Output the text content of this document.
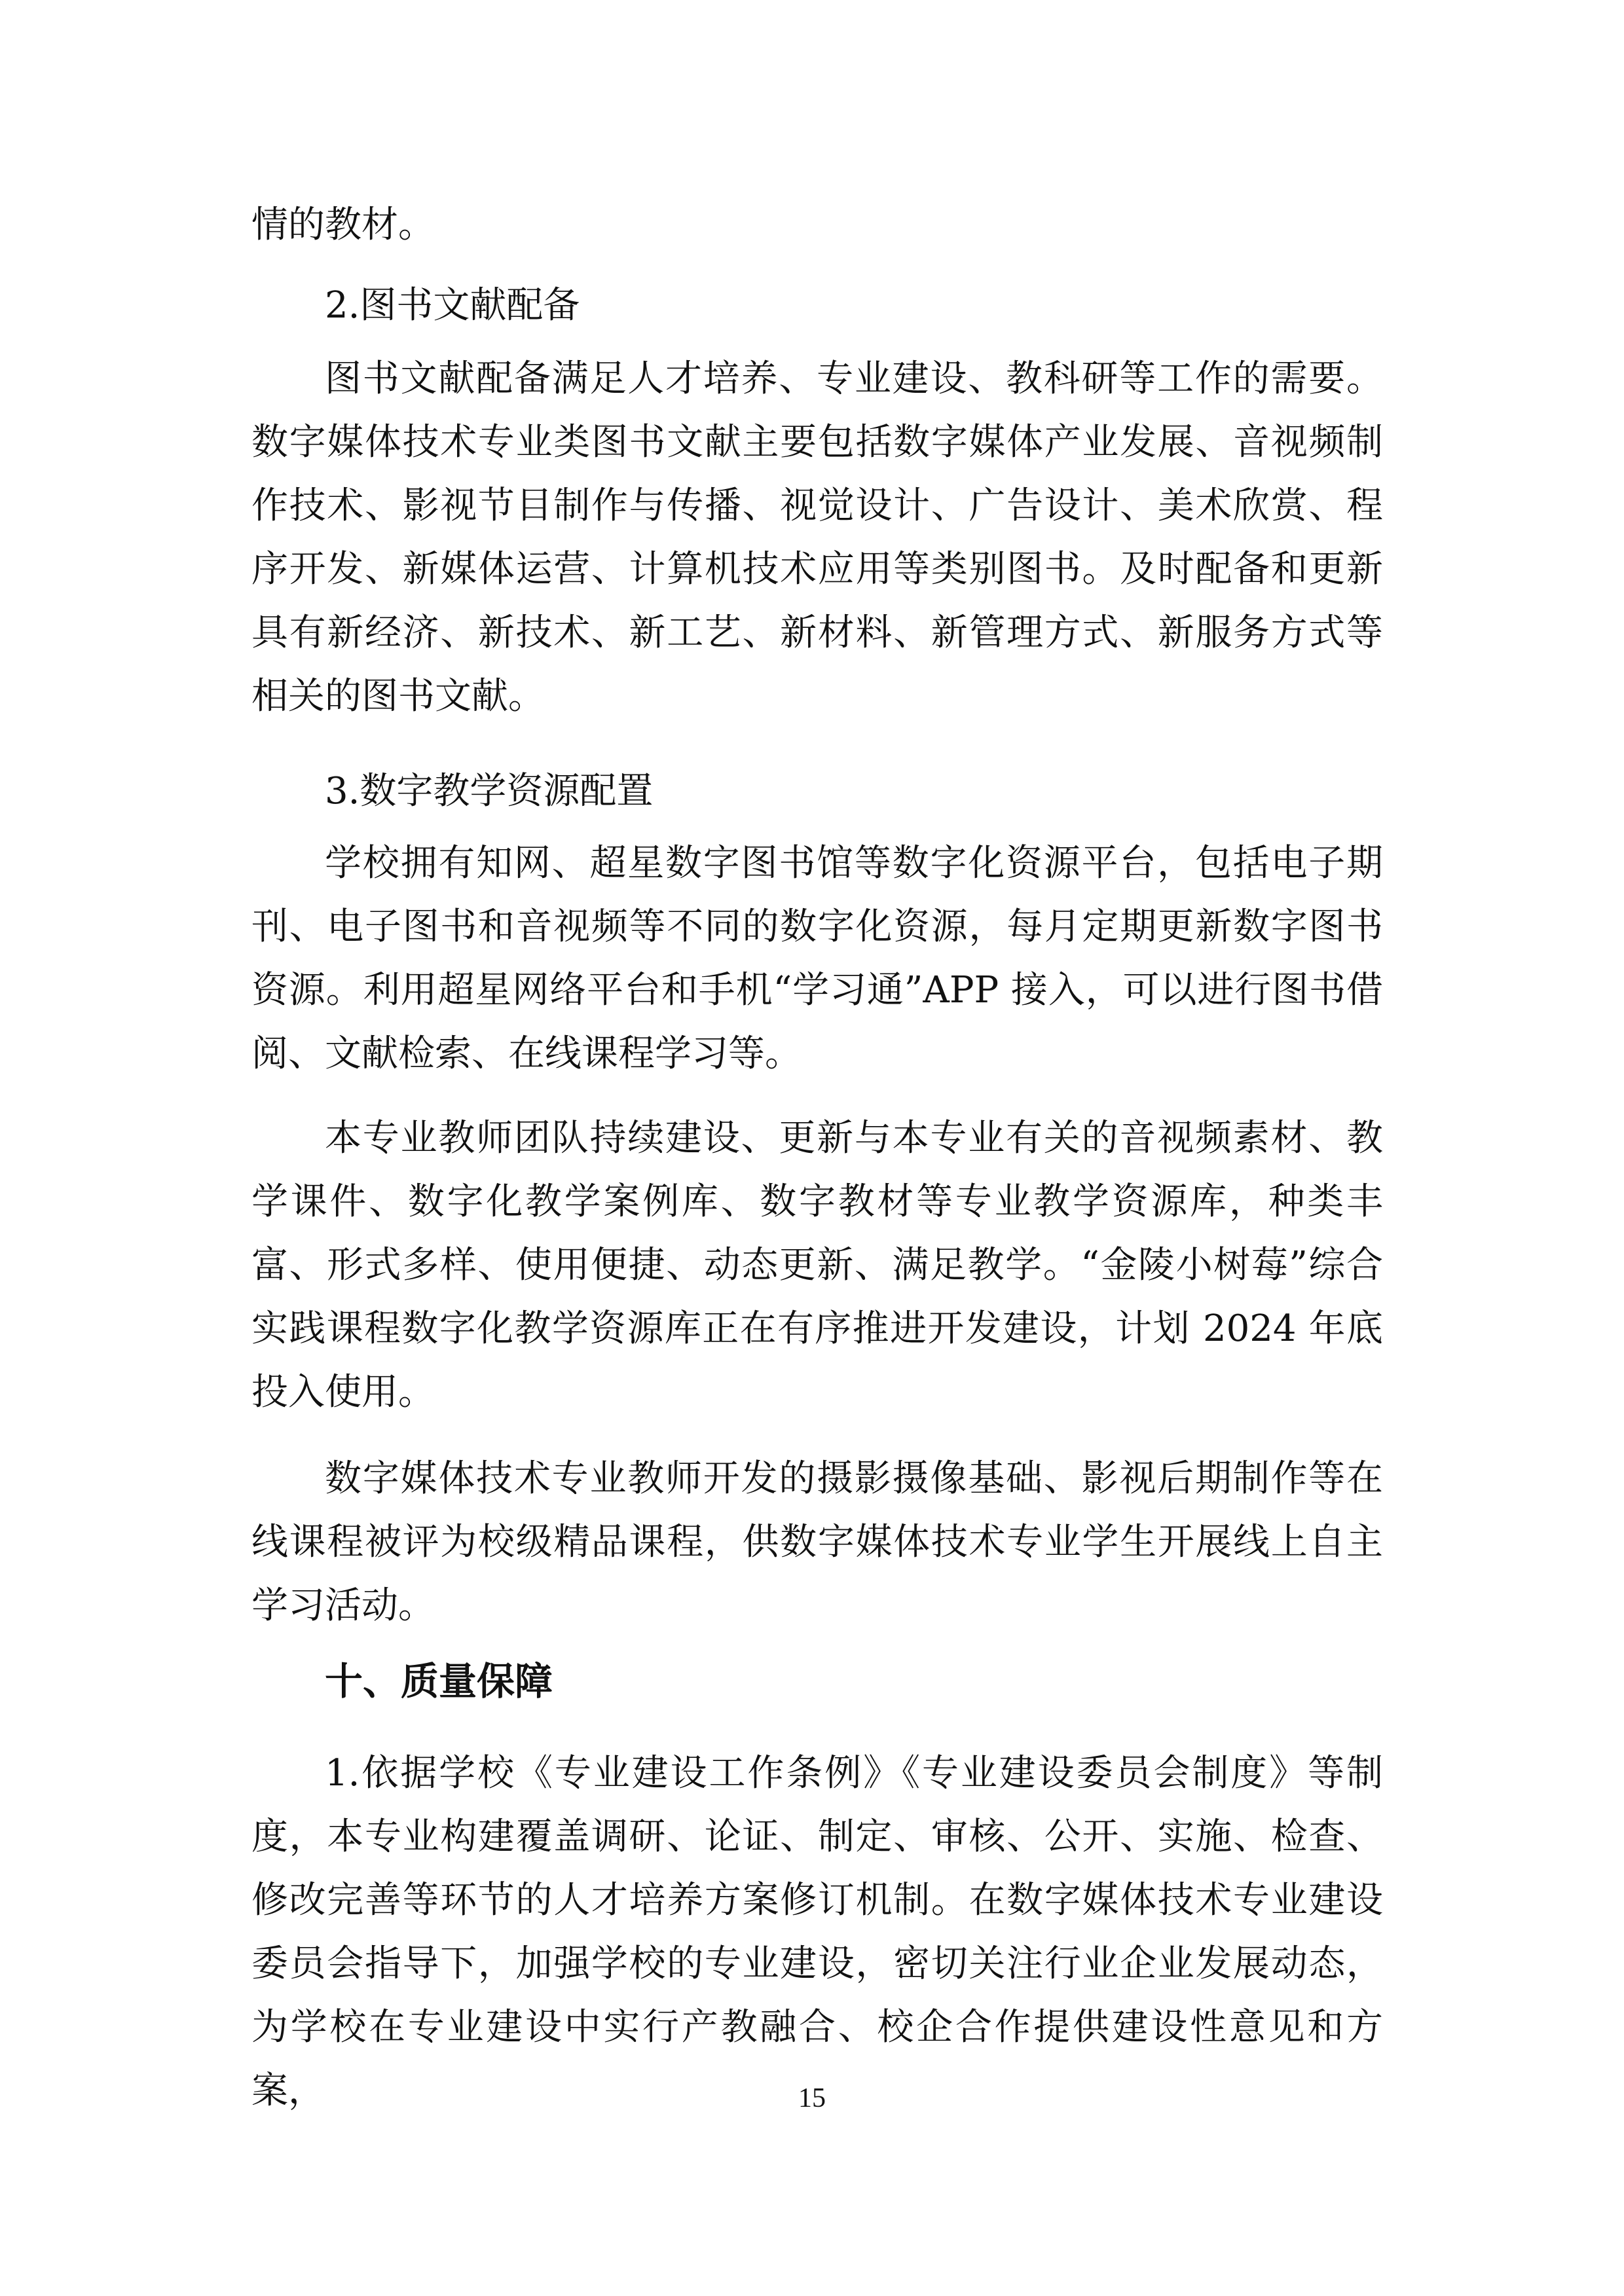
情的教材。

2.图书文献配备

图书文献配备满足人才培养、专业建设、教科研等工作的需要。数字媒体技术专业类图书文献主要包括数字媒体产业发展、音视频制作技术、影视节目制作与传播、视觉设计、广告设计、美术欣赏、程序开发、新媒体运营、计算机技术应用等类别图书。及时配备和更新具有新经济、新技术、新工艺、新材料、新管理方式、新服务方式等相关的图书文献。

3.数字教学资源配置

学校拥有知网、超星数字图书馆等数字化资源平台，包括电子期刊、电子图书和音视频等不同的数字化资源，每月定期更新数字图书资源。利用超星网络平台和手机“学习通”APP 接入，可以进行图书借阅、文献检索、在线课程学习等。

本专业教师团队持续建设、更新与本专业有关的音视频素材、教学课件、数字化教学案例库、数字教材等专业教学资源库，种类丰富、形式多样、使用便捷、动态更新、满足教学。“金陵小树莓”综合实践课程数字化教学资源库正在有序推进开发建设，计划 2024 年底投入使用。

数字媒体技术专业教师开发的摄影摄像基础、影视后期制作等在线课程被评为校级精品课程，供数字媒体技术专业学生开展线上自主学习活动。

十、质量保障

1.依据学校《专业建设工作条例》《专业建设委员会制度》等制度，本专业构建覆盖调研、论证、制定、审核、公开、实施、检查、修改完善等环节的人才培养方案修订机制。在数字媒体技术专业建设委员会指导下，加强学校的专业建设，密切关注行业企业发展动态，为学校在专业建设中实行产教融合、校企合作提供建设性意见和方案，	15
